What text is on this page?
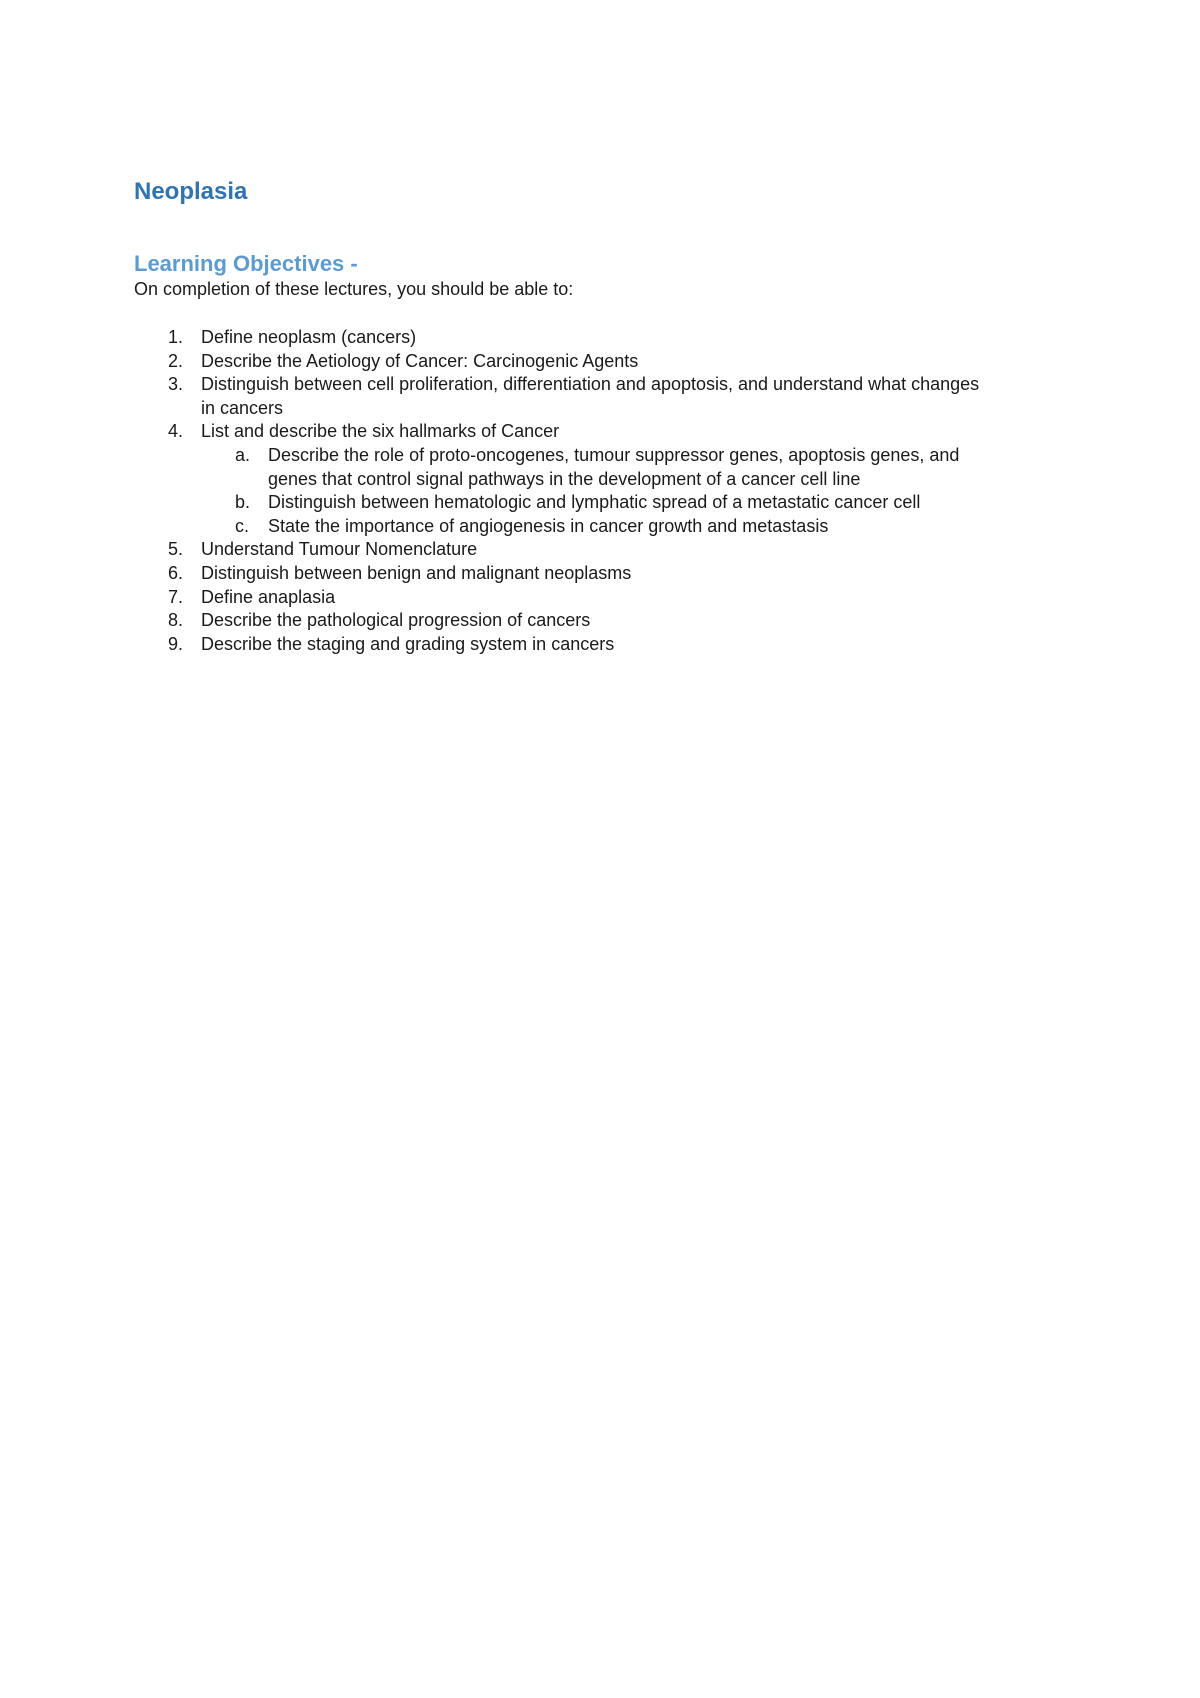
Neoplasia
Learning Objectives -

On completion of these lectures, you should be able to:

1. Define neoplasm (cancers)
2. Describe the Aetiology of Cancer: Carcinogenic Agents
3. Distinguish between cell proliferation, differentiation and apoptosis, and understand what changes in cancers
4. List and describe the six hallmarks of Cancer
a. Describe the role of proto-oncogenes, tumour suppressor genes, apoptosis genes, and genes that control signal pathways in the development of a cancer cell line
b. Distinguish between hematologic and lymphatic spread of a metastatic cancer cell
c.	State the importance of angiogenesis in cancer growth and metastasis
5. Understand Tumour Nomenclature
6. Distinguish between benign and malignant neoplasms
7. Define anaplasia
8. Describe the pathological progression of cancers
9. Describe the staging and grading system in cancers
